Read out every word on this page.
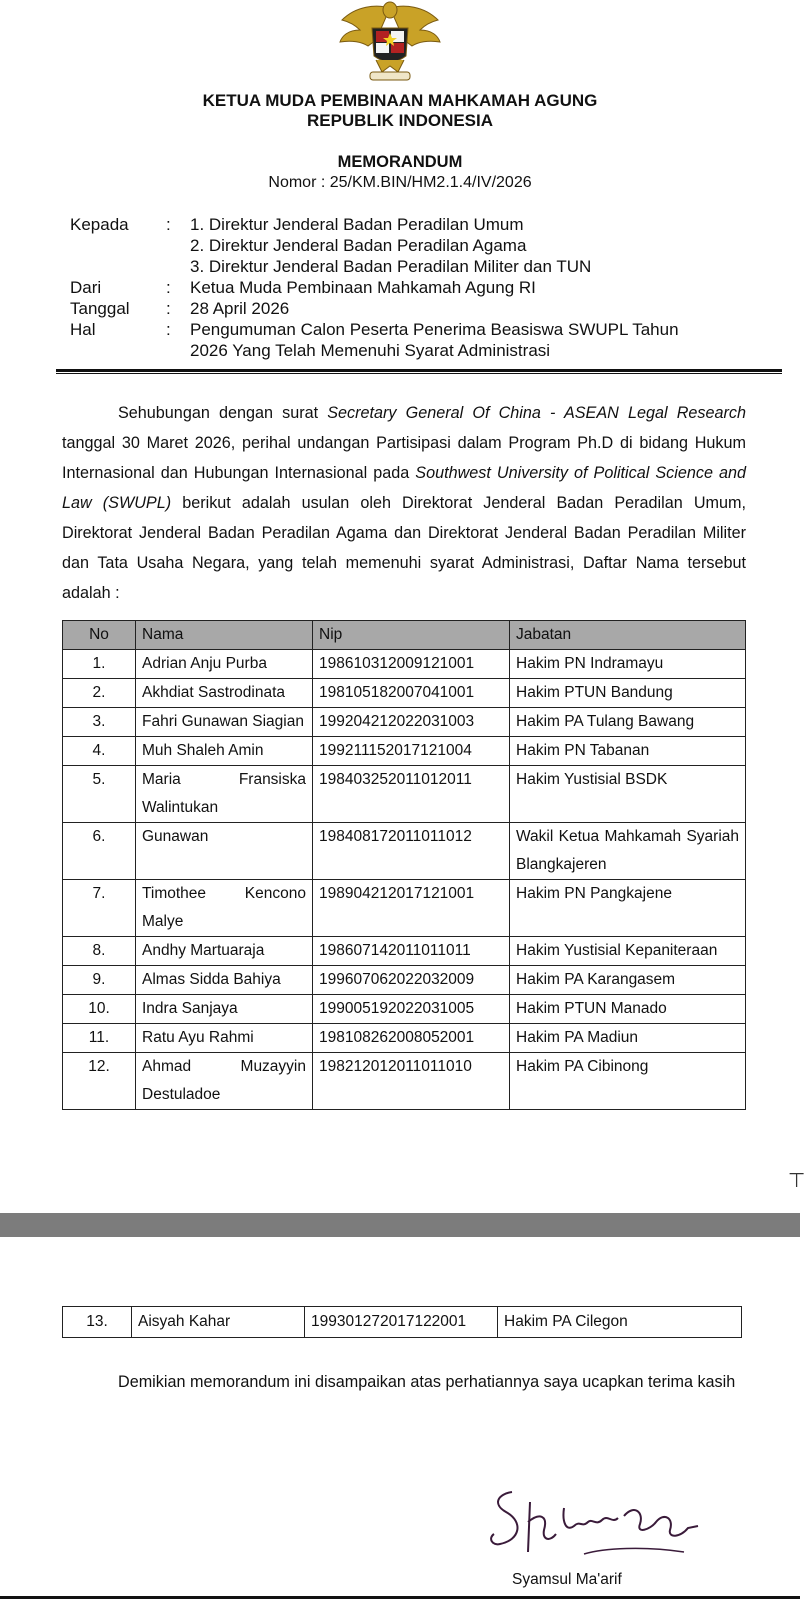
KETUA MUDA PEMBINAAN MAHKAMAH AGUNG
REPUBLIK INDONESIA
MEMORANDUM
Nomor : 25/KM.BIN/HM2.1.4/IV/2026
Kepada : 1. Direktur Jenderal Badan Peradilan Umum
2. Direktur Jenderal Badan Peradilan Agama
3. Direktur Jenderal Badan Peradilan Militer dan TUN
Dari	: Ketua Muda Pembinaan Mahkamah Agung RI
Tanggal : 28 April 2026
Hal	: Pengumuman Calon Peserta Penerima Beasiswa SWUPL Tahun
2026 Yang Telah Memenuhi Syarat Administrasi
Sehubungan dengan surat Secretary General Of China - ASEAN Legal Research tanggal 30 Maret 2026, perihal undangan Partisipasi dalam Program Ph.D di bidang Hukum Internasional dan Hubungan Internasional pada Southwest University of Political Science and Law (SWUPL) berikut adalah usulan oleh Direktorat Jenderal Badan Peradilan Umum, Direktorat Jenderal Badan Peradilan Agama dan Direktorat Jenderal Badan Peradilan Militer dan Tata Usaha Negara, yang telah memenuhi syarat Administrasi, Daftar Nama tersebut adalah :
No	Nama	Nip	Jabatan
1.	Adrian Anju Purba	198610312009121001	Hakim PN Indramayu
2.	Akhdiat Sastrodinata	198105182007041001	Hakim PTUN Bandung
3.	Fahri Gunawan Siagian	199204212022031003	Hakim PA Tulang Bawang
4.	Muh Shaleh Amin	199211152017121004	Hakim PN Tabanan
5.	Maria Fransiska Walintukan	198403252011012011	Hakim Yustisial BSDK
6.	Gunawan	198408172011011012	Wakil Ketua Mahkamah Syariah Blangkajeren
7.	Timothee Kencono Malye	198904212017121001	Hakim PN Pangkajene
8.	Andhy Martuaraja	198607142011011011	Hakim Yustisial Kepaniteraan
9.	Almas Sidda Bahiya	199607062022032009	Hakim PA Karangasem
10.	Indra Sanjaya	199005192022031005	Hakim PTUN Manado
11.	Ratu Ayu Rahmi	198108262008052001	Hakim PA Madiun
12.	Ahmad Muzayyin Destuladoe	198212012011011010	Hakim PA Cibinong
⊤
13.	Aisyah Kahar	199301272017122001	Hakim PA Cilegon
Demikian memorandum ini disampaikan atas perhatiannya saya ucapkan terima kasih
Syamsul Ma'arif
